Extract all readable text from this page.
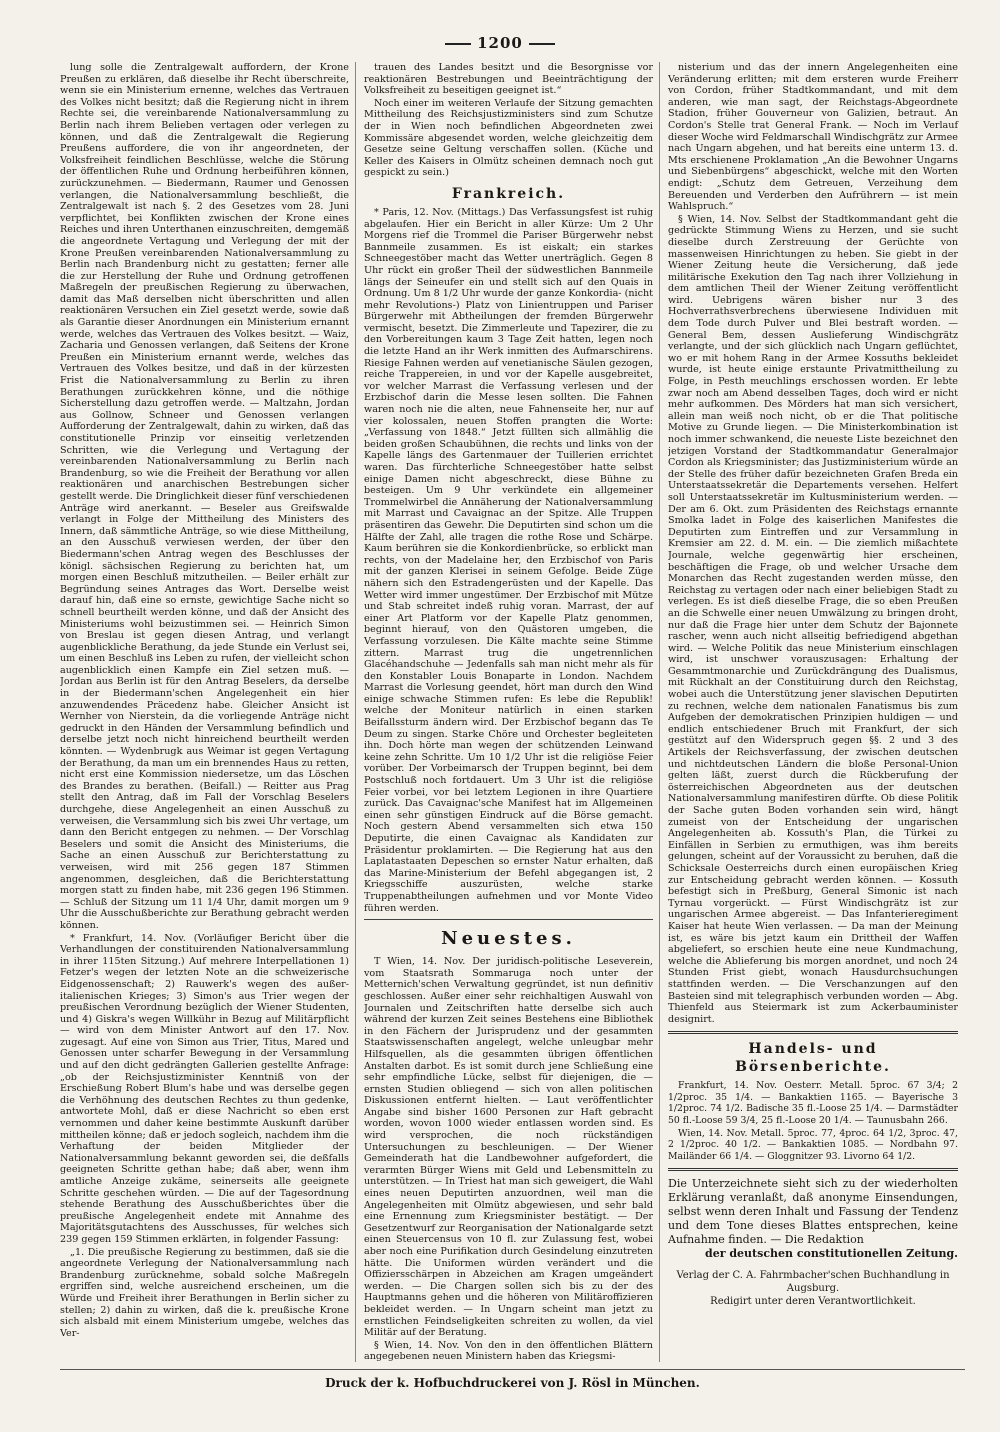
1200

lung solle die Zentralgewalt auffordern, der Krone Preußen zu erklären, daß dieselbe ihr Recht überschreite, wenn sie ein Ministerium ernenne, welches das Vertrauen des Volkes nicht besitzt; daß die Regierung nicht in ihrem Rechte sei, die vereinbarende Nationalversammlung zu Berlin nach ihrem Belieben vertagen oder verlegen zu können, und daß die Zentralgewalt die Regierung Preußens auffordere, die von ihr angeordneten, der Volksfreiheit feindlichen Beschlüsse, welche die Störung der öffentlichen Ruhe und Ordnung herbeiführen können, zurückzunehmen. — Biedermann, Raumer und Genossen verlangen, die Nationalversammlung beschließt, die Zentralgewalt ist nach §. 2 des Gesetzes vom 28. Juni verpflichtet, bei Konflikten zwischen der Krone eines Reiches und ihren Unterthanen einzuschreiten, demgemäß die angeordnete Vertagung und Verlegung der mit der Krone Preußen vereinbarenden Nationalversammlung zu Berlin nach Brandenburg nicht zu gestatten; ferner alle die zur Herstellung der Ruhe und Ordnung getroffenen Maßregeln der preußischen Regierung zu überwachen, damit das Maß derselben nicht überschritten und allen reaktionären Versuchen ein Ziel gesetzt werde, sowie daß als Garantie dieser Anordnungen ein Ministerium ernannt werde, welches das Vertrauen des Volkes besitzt. — Waiz, Zacharia und Genossen verlangen, daß Seitens der Krone Preußen ein Ministerium ernannt werde, welches das Vertrauen des Volkes besitze, und daß in der kürzesten Frist die Nationalversammlung zu Berlin zu ihren Berathungen zurückkehren könne, und die nöthige Sicherstellung dazu getroffen werde. — Maltzahn, Jordan aus Gollnow, Schneer und Genossen verlangen Aufforderung der Zentralgewalt, dahin zu wirken, daß das constitutionelle Prinzip vor einseitig verletzenden Schritten, wie die Verlegung und Vertagung der vereinbarenden Nationalversammlung zu Berlin nach Brandenburg, so wie die Freiheit der Berathung vor allen reaktionären und anarchischen Bestrebungen sicher gestellt werde. Die Dringlichkeit dieser fünf verschiedenen Anträge wird anerkannt. — Beseler aus Greifswalde verlangt in Folge der Mittheilung des Ministers des Innern, daß sämmtliche Anträge, so wie diese Mittheilung, an den Ausschuß verwiesen werden, der über den Biedermann'schen Antrag wegen des Beschlusses der königl. sächsischen Regierung zu berichten hat, um morgen einen Beschluß mitzutheilen. — Beiler erhält zur Begründung seines Antrages das Wort. Derselbe weist darauf hin, daß eine so ernste, gewichtige Sache nicht so schnell beurtheilt werden könne, und daß der Ansicht des Ministeriums wohl beizustimmen sei. — Heinrich Simon von Breslau ist gegen diesen Antrag, und verlangt augenblickliche Berathung, da jede Stunde ein Verlust sei, um einen Beschluß ins Leben zu rufen, der vielleicht schon augenblicklich einen Kampfe ein Ziel setzen muß. — Jordan aus Berlin ist für den Antrag Beselers, da derselbe in der Biedermann'schen Angelegenheit ein hier anzuwendendes Präcedenz habe. Gleicher Ansicht ist Wernher von Nierstein, da die vorliegende Anträge nicht gedruckt in den Händen der Versammlung befindlich und derselbe jetzt noch nicht hinreichend beurtheilt werden könnten. — Wydenbrugk aus Weimar ist gegen Vertagung der Berathung, da man um ein brennendes Haus zu retten, nicht erst eine Kommission niedersetze, um das Löschen des Brandes zu berathen. (Beifall.) — Reitter aus Prag stellt den Antrag, daß im Fall der Vorschlag Beselers durchgehe, diese Angelegenheit an einen Ausschuß zu verweisen, die Versammlung sich bis zwei Uhr vertage, um dann den Bericht entgegen zu nehmen. — Der Vorschlag Beselers und somit die Ansicht des Ministeriums, die Sache an einen Ausschuß zur Berichterstattung zu verweisen, wird mit 256 gegen 187 Stimmen angenommen, desgleichen, daß die Berichterstattung morgen statt zu finden habe, mit 236 gegen 196 Stimmen. — Schluß der Sitzung um 11 1/4 Uhr, damit morgen um 9 Uhr die Ausschußberichte zur Berathung gebracht werden können.

* Frankfurt, 14. Nov. (Vorläufiger Bericht über die Verhandlungen der constituirenden Nationalversammlung in ihrer 115ten Sitzung.) Auf mehrere Interpellationen 1) Fetzer's wegen der letzten Note an die schweizerische Eidgenossenschaft; 2) Rauwerk's wegen des außer-italienischen Krieges; 3) Simon's aus Trier wegen der preußischen Verordnung bezüglich der Wiener Studenten, und 4) Giskra's wegen Willkühr in Bezug auf Militärpflicht — wird von dem Minister Antwort auf den 17. Nov. zugesagt. Auf eine von Simon aus Trier, Titus, Mared und Genossen unter scharfer Bewegung in der Versammlung und auf den dicht gedrängten Gallerien gestellte Anfrage: „ob der Reichsjustizminister Kenntniß von der Erschießung Robert Blum's habe und was derselbe gegen die Verhöhnung des deutschen Rechtes zu thun gedenke, antwortete Mohl, daß er diese Nachricht so eben erst vernommen und daher keine bestimmte Auskunft darüber mittheilen könne; daß er jedoch sogleich, nachdem ihm die Verhaftung der beiden Mitglieder der Nationalversammlung bekannt geworden sei, die deßfalls geeigneten Schritte gethan habe; daß aber, wenn ihm amtliche Anzeige zukäme, seinerseits alle geeignete Schritte geschehen würden. — Die auf der Tagesordnung stehende Berathung des Ausschußberichtes über die preußische Angelegenheit endete mit Annahme des Majoritätsgutachtens des Ausschusses, für welches sich 239 gegen 159 Stimmen erklärten, in folgender Fassung:

„1. Die preußische Regierung zu bestimmen, daß sie die angeordnete Verlegung der Nationalversammlung nach Brandenburg zurücknehme, sobald solche Maßregeln ergriffen sind, welche ausreichend erscheinen, um die Würde und Freiheit ihrer Berathungen in Berlin sicher zu stellen; 2) dahin zu wirken, daß die k. preußische Krone sich alsbald mit einem Ministerium umgebe, welches das Ver-

trauen des Landes besitzt und die Besorgnisse vor reaktionären Bestrebungen und Beeinträchtigung der Volksfreiheit zu beseitigen geeignet ist.“

Noch einer im weiteren Verlaufe der Sitzung gemachten Mittheilung des Reichsjustizministers sind zum Schutze der in Wien noch befindlichen Abgeordneten zwei Kommissäre abgesendet worden, welche gleichzeitig dem Gesetze seine Geltung verschaffen sollen. (Küche und Keller des Kaisers in Olmütz scheinen demnach noch gut gespickt zu sein.)

Frankreich.

* Paris, 12. Nov. (Mittags.) Das Verfassungsfest ist ruhig abgelaufen. Hier ein Bericht in aller Kürze: Um 2 Uhr Morgens rief die Trommel die Pariser Bürgerwehr nebst Bannmeile zusammen. Es ist eiskalt; ein starkes Schneegestöber macht das Wetter unerträglich. Gegen 8 Uhr rückt ein großer Theil der südwestlichen Bannmeile längs der Seineufer ein und stellt sich auf den Quais in Ordnung. Um 8 1/2 Uhr wurde der ganze Konkordia- (nicht mehr Revolutions-) Platz von Linientruppen und Pariser Bürgerwehr mit Abtheilungen der fremden Bürgerwehr vermischt, besetzt. Die Zimmerleute und Tapezirer, die zu den Vorbereitungen kaum 3 Tage Zeit hatten, legen noch die letzte Hand an ihr Werk inmitten des Aufmarschirens. Riesige Fahnen werden auf venetianische Säulen gezogen, reiche Trappereien, in und vor der Kapelle ausgebreitet, vor welcher Marrast die Verfassung verlesen und der Erzbischof darin die Messe lesen sollten. Die Fahnen waren noch nie die alten, neue Fahnenseite her, nur auf vier kolossalen, neuen Stoffen prangten die Worte: „Verfassung von 1848.“ Jetzt füllten sich allmählig die beiden großen Schaubühnen, die rechts und links von der Kapelle längs des Gartenmauer der Tuillerien errichtet waren. Das fürchterliche Schneegestöber hatte selbst einige Damen nicht abgeschreckt, diese Bühne zu besteigen. Um 9 Uhr verkündete ein allgemeiner Trommelwirbel die Annäherung der Nationalversammlung mit Marrast und Cavaignac an der Spitze. Alle Truppen präsentiren das Gewehr. Die Deputirten sind schon um die Hälfte der Zahl, alle tragen die rothe Rose und Schärpe. Kaum berühren sie die Konkordienbrücke, so erblickt man rechts, von der Madelaine her, den Erzbischof von Paris mit der ganzen Klerisei in seinem Gefolge. Beide Züge nähern sich den Estradengerüsten und der Kapelle. Das Wetter wird immer ungestümer. Der Erzbischof mit Mütze und Stab schreitet indeß ruhig voran. Marrast, der auf einer Art Platform vor der Kapelle Platz genommen, beginnt hierauf, von den Quästoren umgeben, die Verfassung vorzulesen. Die Kälte machte seine Stimme zittern. Marrast trug die ungetrennlichen Glacéhandschuhe — Jedenfalls sah man nicht mehr als für den Konstabler Louis Bonaparte in London. Nachdem Marrast die Vorlesung geendet, hört man durch den Wind einige schwache Stimmen rufen: Es lebe die Republik! welche der Moniteur natürlich in einen starken Beifallssturm ändern wird. Der Erzbischof begann das Te Deum zu singen. Starke Chöre und Orchester begleiteten ihn. Doch hörte man wegen der schützenden Leinwand keine zehn Schritte. Um 10 1/2 Uhr ist die religiöse Feier vorüber. Der Vorbeimarsch der Truppen beginnt, bei dem Postschluß noch fortdauert. Um 3 Uhr ist die religiöse Feier vorbei, vor bei letztem Legionen in ihre Quartiere zurück. Das Cavaignac'sche Manifest hat im Allgemeinen einen sehr günstigen Eindruck auf die Börse gemacht. Noch gestern Abend versammelten sich etwa 150 Deputirte, die einen Cavaignac als Kandidaten zur Präsidentur proklamirten. — Die Regierung hat aus den Laplatastaaten Depeschen so ernster Natur erhalten, daß das Marine-Ministerium der Befehl abgegangen ist, 2 Kriegsschiffe auszurüsten, welche starke Truppenabtheilungen aufnehmen und vor Monte Video führen werden.

Neuestes.

T Wien, 14. Nov. Der juridisch-politische Leseverein, vom Staatsrath Sommaruga noch unter der Metternich'schen Verwaltung gegründet, ist nun definitiv geschlossen. Außer einer sehr reichhaltigen Auswahl von Journalen und Zeitschriften hatte derselbe sich auch während der kurzen Zeit seines Bestehens eine Bibliothek in den Fächern der Jurisprudenz und der gesammten Staatswissenschaften angelegt, welche unleugbar mehr Hilfsquellen, als die gesammten übrigen öffentlichen Anstalten darbot. Es ist somit durch jene Schließung eine sehr empfindliche Lücke, selbst für diejenigen, die — ernsten Studien obliegend — sich von allen politischen Diskussionen entfernt hielten. — Laut veröffentlichter Angabe sind bisher 1600 Personen zur Haft gebracht worden, wovon 1000 wieder entlassen worden sind. Es wird versprochen, die noch rückständigen Untersuchungen zu beschleunigen. — Der Wiener Gemeinderath hat die Landbewohner aufgefordert, die verarmten Bürger Wiens mit Geld und Lebensmitteln zu unterstützen. — In Triest hat man sich geweigert, die Wahl eines neuen Deputirten anzuordnen, weil man die Angelegenheiten mit Olmütz abgewiesen, und sehr bald eine Ernennung zum Kriegsminister bestätigt. — Der Gesetzentwurf zur Reorganisation der Nationalgarde setzt einen Steuercensus von 10 fl. zur Zulassung fest, wobei aber noch eine Purifikation durch Gesindelung einzutreten hätte. Die Uniformen würden verändert und die Offiziersschärpen in Abzeichen am Kragen umgeändert werden. — Die Chargen sollen sich bis zu der des Hauptmanns gehen und die höheren von Militäroffizieren bekleidet werden. — In Ungarn scheint man jetzt zu ernstlichen Feindseligkeiten schreiten zu wollen, da viel Militär auf der Beratung.

§ Wien, 14. Nov. Von den in den öffentlichen Blättern angegebenen neuen Ministern haben das Kriegsmi-

nisterium und das der innern Angelegenheiten eine Veränderung erlitten; mit dem ersteren wurde Freiherr von Cordon, früher Stadtkommandant, und mit dem anderen, wie man sagt, der Reichstags-Abgeordnete Stadion, früher Gouverneur von Galizien, betraut. An Cordon's Stelle trat General Frank. — Noch im Verlauf dieser Woche wird Feldmarschall Windischgrätz zur Armee nach Ungarn abgehen, und hat bereits eine unterm 13. d. Mts erschienene Proklamation „An die Bewohner Ungarns und Siebenbürgens“ abgeschickt, welche mit den Worten endigt: „Schutz dem Getreuen, Verzeihung dem Bereuenden und Verderben den Aufrührern — ist mein Wahlspruch.“

§ Wien, 14. Nov. Selbst der Stadtkommandant geht die gedrückte Stimmung Wiens zu Herzen, und sie sucht dieselbe durch Zerstreuung der Gerüchte von massenweisen Hinrichtungen zu heben. Sie giebt in der Wiener Zeitung heute die Versicherung, daß jede militärische Exekution den Tag nach ihrer Vollziehung in dem amtlichen Theil der Wiener Zeitung veröffentlicht wird. Uebrigens wären bisher nur 3 des Hochverrathsverbrechens überwiesene Individuen mit dem Tode durch Pulver und Blei bestraft worden. — General Bem, dessen Auslieferung Windischgrätz verlangte, und der sich glücklich nach Ungarn geflüchtet, wo er mit hohem Rang in der Armee Kossuths bekleidet wurde, ist heute einige erstaunte Privatmittheilung zu Folge, in Pesth meuchlings erschossen worden. Er lebte zwar noch am Abend desselben Tages, doch wird er nicht mehr aufkommen. Des Mörders hat man sich versichert, allein man weiß noch nicht, ob er die That politische Motive zu Grunde liegen. — Die Ministerkombination ist noch immer schwankend, die neueste Liste bezeichnet den jetzigen Vorstand der Stadtkommandatur Generalmajor Cordon als Kriegsminister; das Justizministerium würde an der Stelle des früher dafür bezeichneten Grafen Breda ein Unterstaatssekretär die Departements versehen. Helfert soll Unterstaatssekretär im Kultusministerium werden. — Der am 6. Okt. zum Präsidenten des Reichstags ernannte Smolka ladet in Folge des kaiserlichen Manifestes die Deputirten zum Eintreffen und zur Versammlung in Kremsier am 22. d. M. ein. — Die ziemlich mißachtete Journale, welche gegenwärtig hier erscheinen, beschäftigen die Frage, ob und welcher Ursache dem Monarchen das Recht zugestanden werden müsse, den Reichstag zu vertagen oder nach einer beliebigen Stadt zu verlegen. Es ist dieß dieselbe Frage, die so eben Preußen an die Schwelle einer neuen Umwälzung zu bringen droht, nur daß die Frage hier unter dem Schutz der Bajonnete rascher, wenn auch nicht allseitig befriedigend abgethan wird. — Welche Politik das neue Ministerium einschlagen wird, ist unschwer vorauszusagen: Erhaltung der Gesammtmonarchie und Zurückdrängung des Dualismus, mit Rückhalt an der Constituirung durch den Reichstag, wobei auch die Unterstützung jener slavischen Deputirten zu rechnen, welche dem nationalen Fanatismus bis zum Aufgeben der demokratischen Prinzipien huldigen — und endlich entschiedener Bruch mit Frankfurt, der sich gestützt auf den Widerspruch gegen §§. 2 und 3 des Artikels der Reichsverfassung, der zwischen deutschen und nichtdeutschen Ländern die bloße Personal-Union gelten läßt, zuerst durch die Rückberufung der österreichischen Abgeordneten aus der deutschen Nationalversammlung manifestiren dürfte. Ob diese Politik der Sache guten Boden vorhanden sein wird, hängt zumeist von der Entscheidung der ungarischen Angelegenheiten ab. Kossuth's Plan, die Türkei zu Einfällen in Serbien zu ermuthigen, was ihm bereits gelungen, scheint auf der Voraussicht zu beruhen, daß die Schicksale Oesterreichs durch einen europäischen Krieg zur Entscheidung gebracht werden können. — Kossuth befestigt sich in Preßburg, General Simonic ist nach Tyrnau vorgerückt. — Fürst Windischgrätz ist zur ungarischen Armee abgereist. — Das Infanterieregiment Kaiser hat heute Wien verlassen. — Da man der Meinung ist, es wäre bis jetzt kaum ein Drittheil der Waffen abgeliefert, so erschien heute eine neue Kundmachung, welche die Ablieferung bis morgen anordnet, und noch 24 Stunden Frist giebt, wonach Hausdurchsuchungen stattfinden werden. — Die Verschanzungen auf den Basteien sind mit telegraphisch verbunden worden — Abg. Thienfeld aus Steiermark ist zum Ackerbauminister designirt.

Handels- und Börsenberichte.

Frankfurt, 14. Nov. Oesterr. Metall. 5proc. 67 3/4; 2 1/2proc. 35 1/4. — Bankaktien 1165. — Bayerische 3 1/2proc. 74 1/2. Badische 35 fl.-Loose 25 1/4. — Darmstädter 50 fl.-Loose 59 3/4, 25 fl.-Loose 20 1/4. — Taunusbahn 266.

Wien, 14. Nov. Metall. 5proc. 77, 4proc. 64 1/2, 3proc. 47, 2 1/2proc. 40 1/2. — Bankaktien 1085. — Nordbahn 97. Mailänder 66 1/4. — Gloggnitzer 93. Livorno 64 1/2.

Die Unterzeichnete sieht sich zu der wiederholten Erklärung veranlaßt, daß anonyme Einsendungen, selbst wenn deren Inhalt und Fassung der Tendenz und dem Tone dieses Blattes entsprechen, keine Aufnahme finden. — Die Redaktion
der deutschen constitutionellen Zeitung.
Verlag der C. A. Fahrmbacher'schen Buchhandlung in Augsburg.
Redigirt unter deren Verantwortlichkeit.
Druck der k. Hofbuchdruckerei von J. Rösl in München.
